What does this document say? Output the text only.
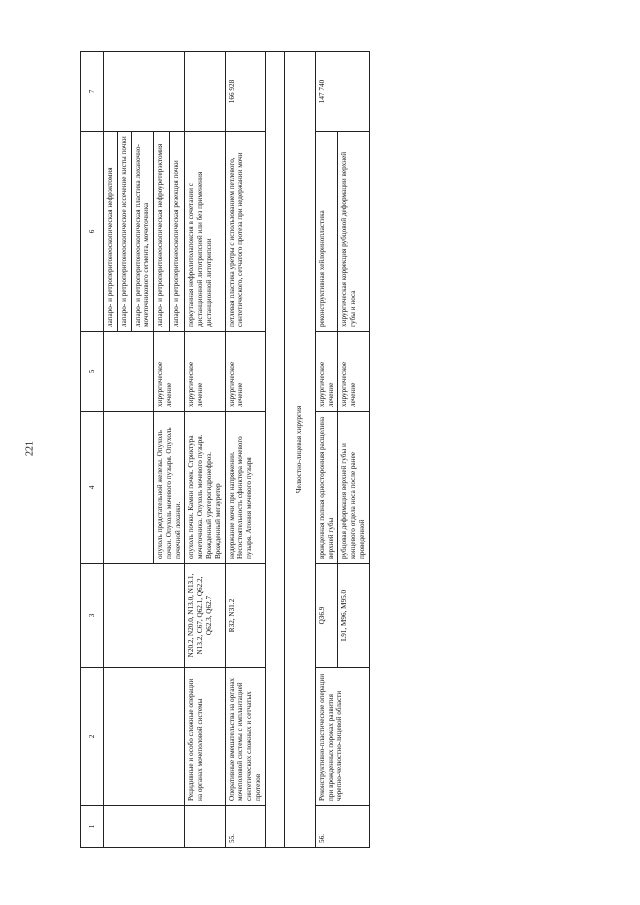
221
1	2	3	4	5	6	7
					лапаро- и ретроперитонеоскопическая нефрэктомия	
					лапаро- и ретроперитонеоскопическое иссечение кисты почки	
					лапаро- и ретроперитонеоскопическая пластика лоханочно-мочеточникового сегмента, мочеточника	
			опухоль предстательной железы. Опухоль почки. Опухоль мочевого пузыря. Опухоль почечной лоханки.	хирургическое лечение	лапаро- и ретроперитонеоскопическая нефроуретерэктомия	
					лапаро- и ретроперитонеоскопическая резекция почки	
	Рецидивные и особо сложные операции на органах мочеполовой системы	N20.2, N20.0, N13.0, N13.1, N13.2, C67, Q62.1, Q62.2, Q62.3, Q62.7	опухоль почки. Камни почек. Стриктура мочеточника. Опухоль мочевого пузыря. Врожденный уретерогидронефроз. Врожденный мегауретер	хирургическое лечение	перкутанная нефролитолапоксия в сочетании с дистанционной литотрипсией или без применения дистанционной литотрипсии	
55.	Оперативные вмешательства на органах мочеполовой системы с имплантацией синтетических сложных и сетчатых протезов	R32, N31.2	недержание мочи при напряжении. Несостоятельность сфинктера мочевого пузыря. Атония мочевого пузыря	хирургическое лечение	петлевая пластика уретры с использованием петлевого, синтетического, сетчатого протеза при недержании мочи	166 928

Челюстно-лицевая хирургия						
56.	Реконструктивно-пластические операции при врожденных пороках развития черепно-челюстно-лицевой области	Q36.9	врожденная полная односторонняя расщелина верхней губы	хирургическое лечение	реконструктивная хейлоринопластика	147 740
		L91, M96, M95.0	рубцовая деформация верхней губы и концевого отдела носа после ранее проведенной	хирургическое лечение	хирургическая коррекция рубцовой деформации верхней губы и носа	
